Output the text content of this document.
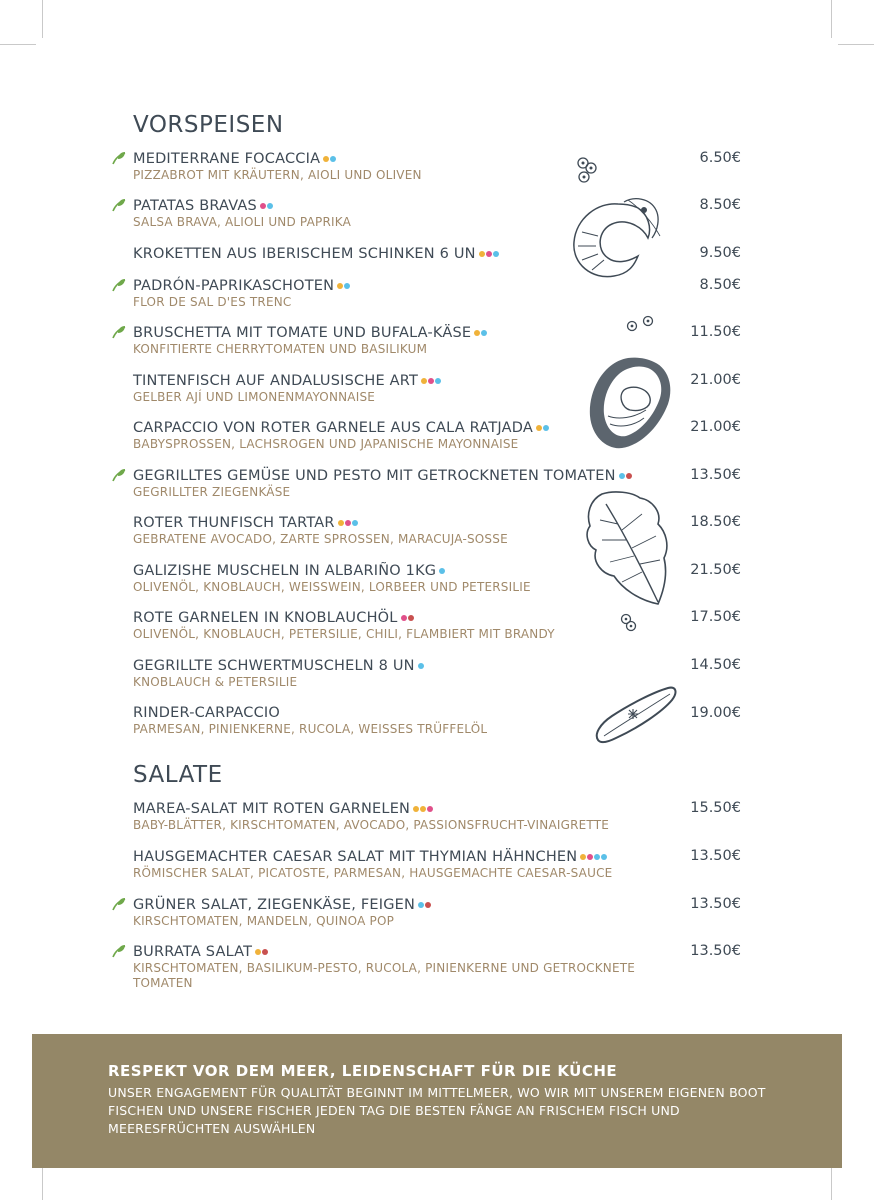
VORSPEISEN
MEDITERRANE FOCACCIA
PIZZABROT MIT KRÄUTERN, AIOLI UND OLIVEN
6.50€
PATATAS BRAVAS
SALSA BRAVA, ALIOLI UND PAPRIKA
8.50€
KROKETTEN AUS IBERISCHEM SCHINKEN 6 UN	9.50€
PADRÓN-PAPRIKASCHOTEN
FLOR DE SAL D'ES TRENC
8.50€
BRUSCHETTA MIT TOMATE UND BUFALA-KÄSE
KONFITIERTE CHERRYTOMATEN UND BASILIKUM
11.50€
TINTENFISCH AUF ANDALUSISCHE ART
GELBER AJÍ UND LIMONENMAYONNAISE
21.00€
CARPACCIO VON ROTER GARNELE AUS CALA RATJADA
BABYSPROSSEN, LACHSROGEN UND JAPANISCHE MAYONNAISE
21.00€
GEGRILLTES GEMÜSE UND PESTO MIT GETROCKNETEN TOMATEN
GEGRILLTER ZIEGENKÄSE
13.50€
ROTER THUNFISCH TARTAR
GEBRATENE AVOCADO, ZARTE SPROSSEN, MARACUJA-SOSSE
18.50€
GALIZISHE MUSCHELN IN ALBARIÑO 1KG
OLIVENÖL, KNOBLAUCH, WEISSWEIN, LORBEER UND PETERSILIE
21.50€
ROTE GARNELEN IN KNOBLAUCHÖL
OLIVENÖL, KNOBLAUCH, PETERSILIE, CHILI, FLAMBIERT MIT BRANDY
17.50€
GEGRILLTE SCHWERTMUSCHELN 8 UN
KNOBLAUCH & PETERSILIE
14.50€
RINDER-CARPACCIO
PARMESAN, PINIENKERNE, RUCOLA, WEISSES TRÜFFELÖL
19.00€
SALATE
MAREA-SALAT MIT ROTEN GARNELEN
BABY-BLÄTTER, KIRSCHTOMATEN, AVOCADO, PASSIONSFRUCHT-VINAIGRETTE
15.50€
HAUSGEMACHTER CAESAR SALAT MIT THYMIAN HÄHNCHEN
RÖMISCHER SALAT, PICATOSTE, PARMESAN, HAUSGEMACHTE CAESAR-SAUCE
13.50€
GRÜNER SALAT, ZIEGENKÄSE, FEIGEN
KIRSCHTOMATEN, MANDELN, QUINOA POP
13.50€
BURRATA SALAT
KIRSCHTOMATEN, BASILIKUM-PESTO, RUCOLA, PINIENKERNE UND GETROCKNETE TOMATEN
13.50€
RESPEKT VOR DEM MEER, LEIDENSCHAFT FÜR DIE KÜCHE
UNSER ENGAGEMENT FÜR QUALITÄT BEGINNT IM MITTELMEER, WO WIR MIT UNSEREM EIGENEN BOOT FISCHEN UND UNSERE FISCHER JEDEN TAG DIE BESTEN FÄNGE AN FRISCHEM FISCH UND MEERESFRÜCHTEN AUSWÄHLEN
